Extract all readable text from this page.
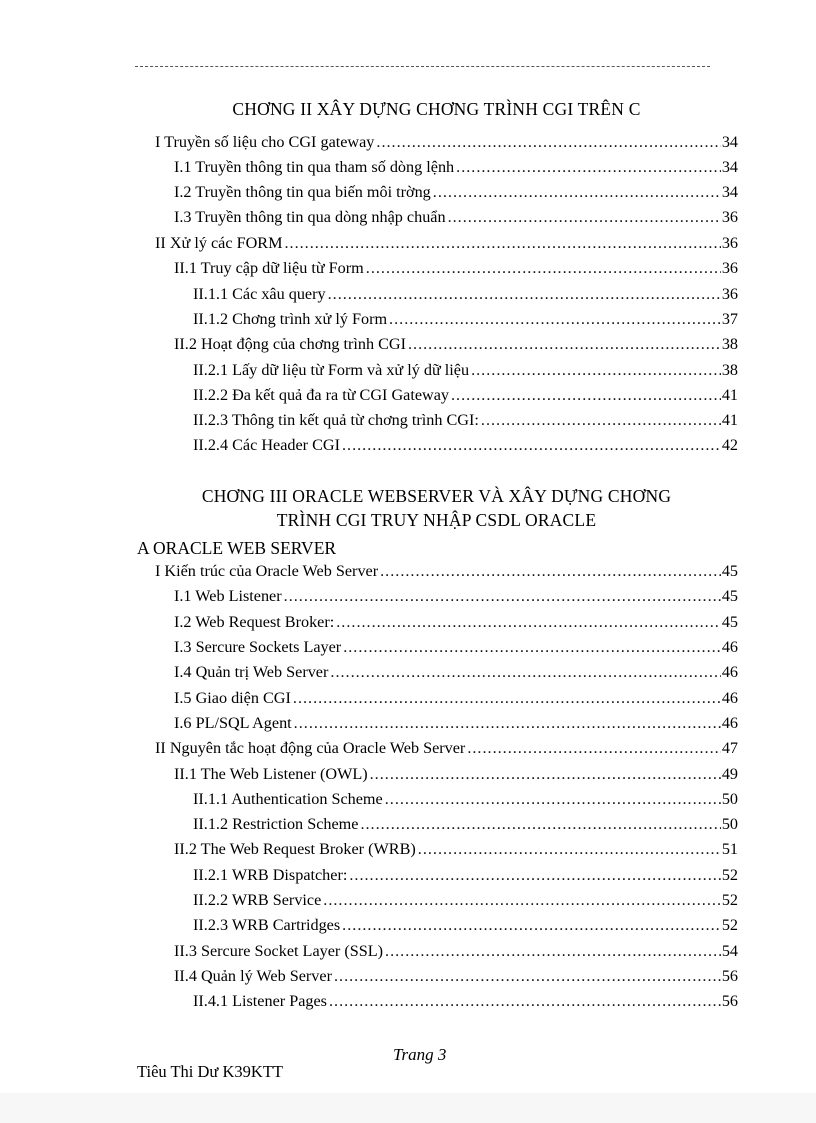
CHƠNG II XÂY DỰNG CHƠNG TRÌNH CGI TRÊN C
I Truyền số liệu cho CGI gateway .....	34
I.1 Truyền thông tin qua tham số dòng lệnh .....	34
I.2 Truyền thông tin qua biến môi trờng .....	34
I.3 Truyền thông tin qua dòng nhập chuẩn .....	36
II Xử lý các FORM .....	36
II.1 Truy cập dữ liệu từ Form .....	36
II.1.1 Các xâu query .....	36
II.1.2 Chơng trình xử lý Form .....	37
II.2 Hoạt động của chơng trình CGI .....	38
II.2.1 Lấy dữ liệu từ Form và xử lý dữ liệu .....	38
II.2.2 Đa kết quả đa ra từ CGI Gateway .....	41
II.2.3 Thông tin kết quả từ chơng trình CGI: .....	41
II.2.4 Các Header CGI .....	42
CHƠNG III ORACLE WEBSERVER VÀ XÂY DỰNG CHƠNG
TRÌNH CGI TRUY NHẬP CSDL ORACLE
A ORACLE WEB SERVER
I Kiến trúc của Oracle Web Server .....	45
I.1 Web Listener .....	45
I.2 Web Request Broker: .....	45
I.3 Sercure Sockets Layer .....	46
I.4 Quản trị Web Server .....	46
I.5 Giao diện CGI .....	46
I.6 PL/SQL Agent .....	46
II Nguyên tắc hoạt động của Oracle Web Server .....	47
II.1 The Web Listener (OWL) .....	49
II.1.1 Authentication Scheme .....	50
II.1.2 Restriction Scheme .....	50
II.2 The Web Request Broker (WRB) .....	51
II.2.1 WRB Dispatcher: .....	52
II.2.2 WRB Service .....	52
II.2.3 WRB Cartridges .....	52
II.3 Sercure Socket Layer (SSL) .....	54
II.4 Quản lý Web Server .....	56
II.4.1 Listener Pages .....	56
Trang 3
Tiêu Thi Dư K39KTT
